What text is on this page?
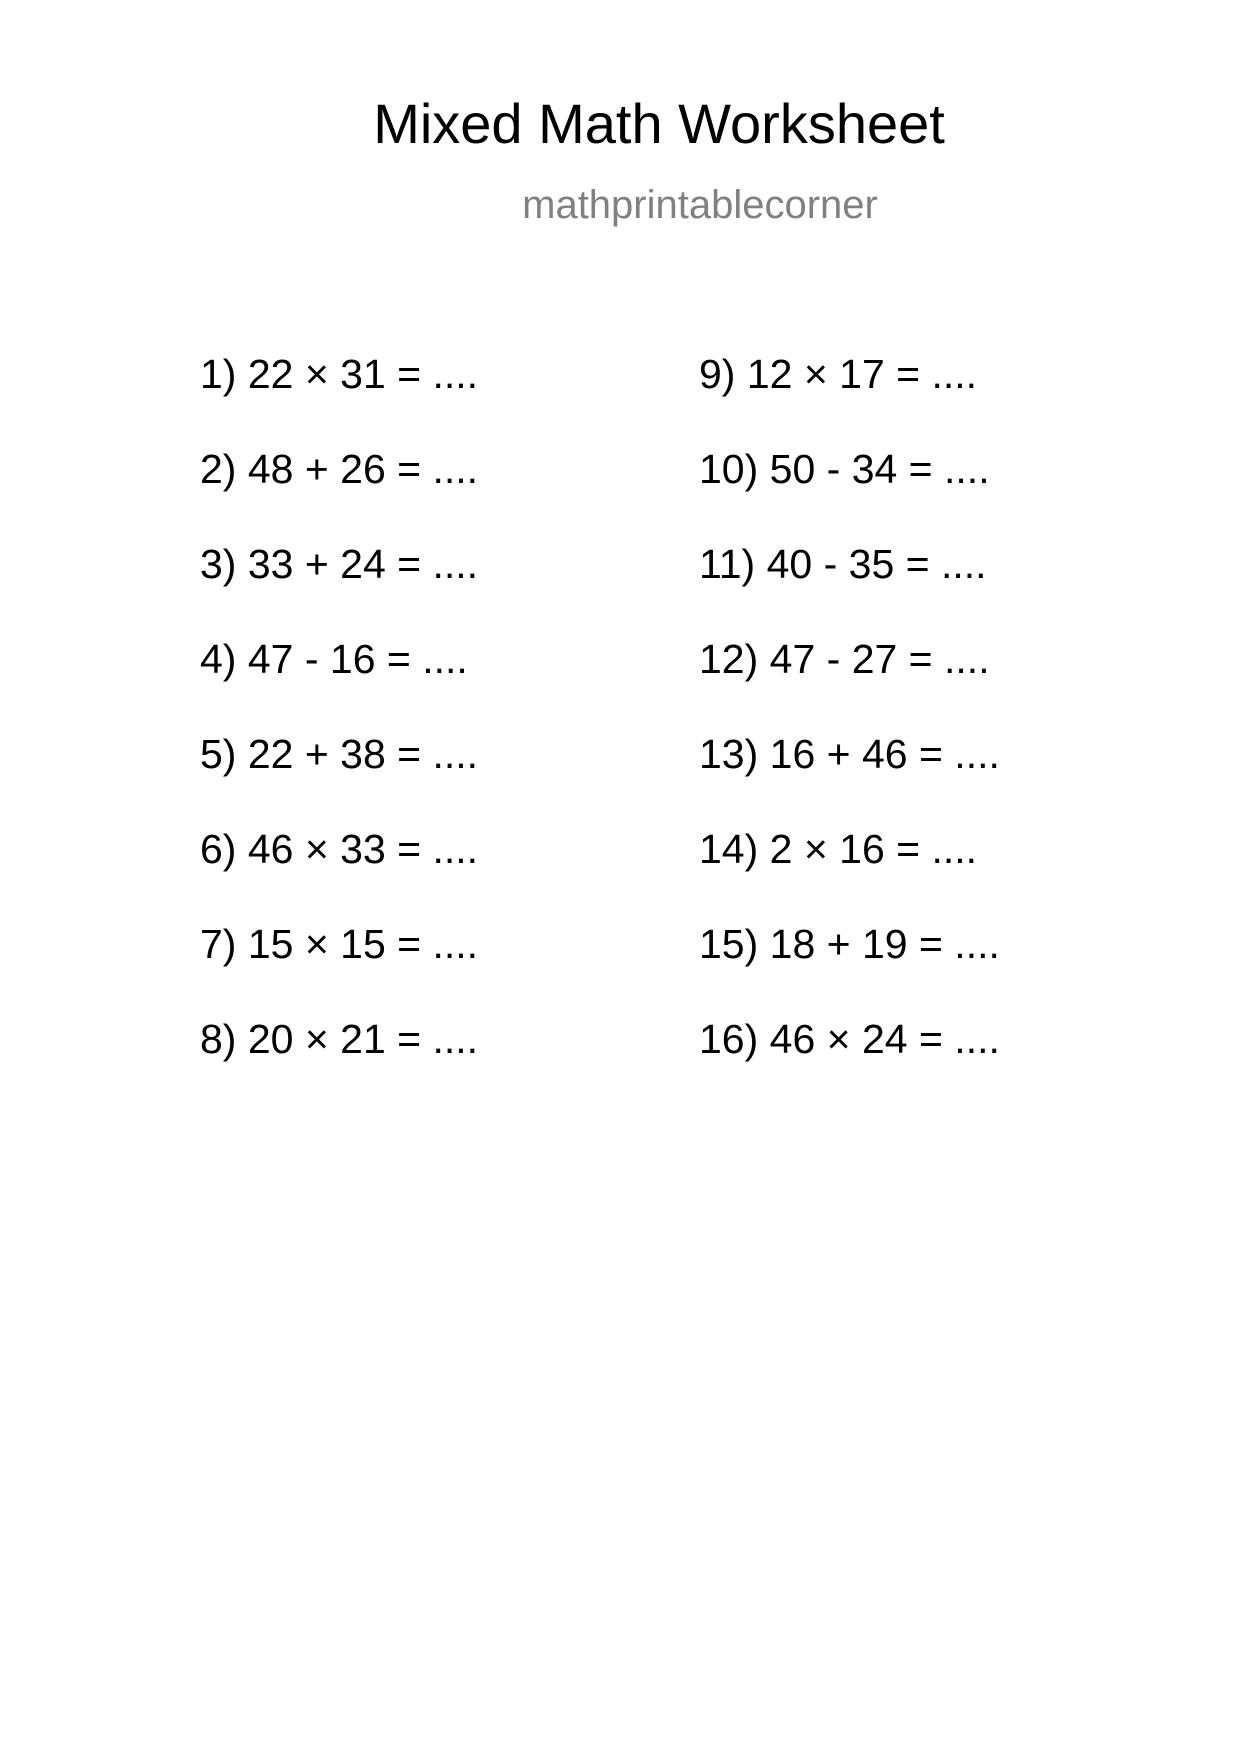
Mixed Math Worksheet
mathprintablecorner
1) 22 × 31 = ....
2) 48 + 26 = ....
3) 33 + 24 = ....
4) 47 - 16 = ....
5) 22 + 38 = ....
6) 46 × 33 = ....
7) 15 × 15 = ....
8) 20 × 21 = ....
9) 12 × 17 = ....
10) 50 - 34 = ....
11) 40 - 35 = ....
12) 47 - 27 = ....
13) 16 + 46 = ....
14) 2 × 16 = ....
15) 18 + 19 = ....
16) 46 × 24 = ....
